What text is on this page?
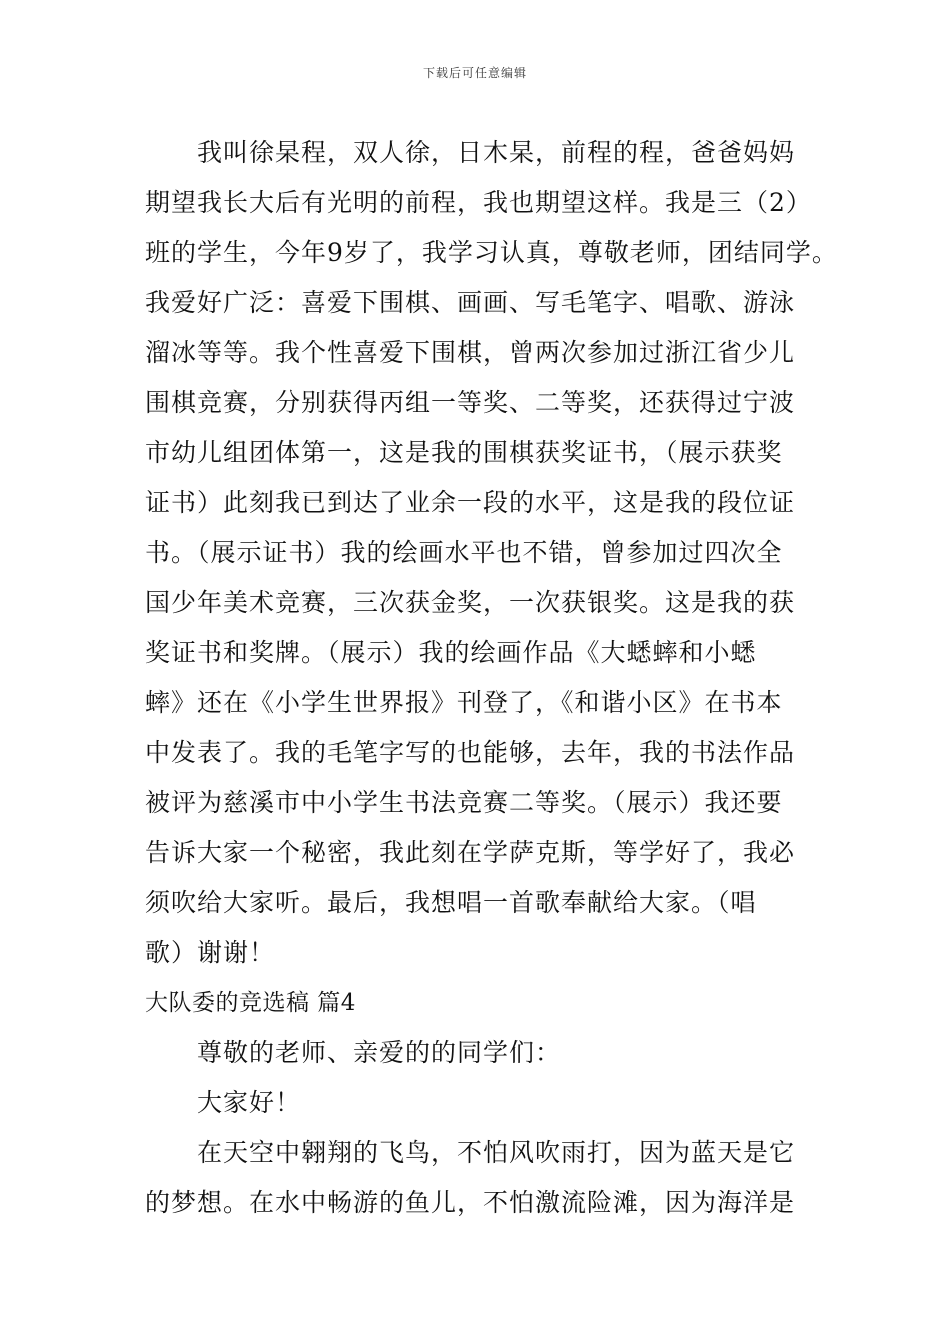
下载后可任意编辑
我叫徐杲程，双人徐，日木杲，前程的程，爸爸妈妈
期望我长大后有光明的前程，我也期望这样。我是三（2）
班的学生，今年9岁了，我学习认真，尊敬老师，团结同学。
我爱好广泛：喜爱下围棋、画画、写毛笔字、唱歌、游泳
溜冰等等。我个性喜爱下围棋，曾两次参加过浙江省少儿
围棋竞赛，分别获得丙组一等奖、二等奖，还获得过宁波
市幼儿组团体第一，这是我的围棋获奖证书，（展示获奖
证书）此刻我已到达了业余一段的水平，这是我的段位证
书。（展示证书）我的绘画水平也不错，曾参加过四次全
国少年美术竞赛，三次获金奖，一次获银奖。这是我的获
奖证书和奖牌。（展示）我的绘画作品《大蟋蟀和小蟋
蟀》还在《小学生世界报》刊登了，《和谐小区》在书本
中发表了。我的毛笔字写的也能够，去年，我的书法作品
被评为慈溪市中小学生书法竞赛二等奖。（展示）我还要
告诉大家一个秘密，我此刻在学萨克斯，等学好了，我必
须吹给大家听。最后，我想唱一首歌奉献给大家。（唱
歌）谢谢！
大队委的竞选稿 篇4
尊敬的老师、亲爱的的同学们：
大家好！
在天空中翱翔的飞鸟，不怕风吹雨打，因为蓝天是它
的梦想。在水中畅游的鱼儿，不怕激流险滩，因为海洋是
